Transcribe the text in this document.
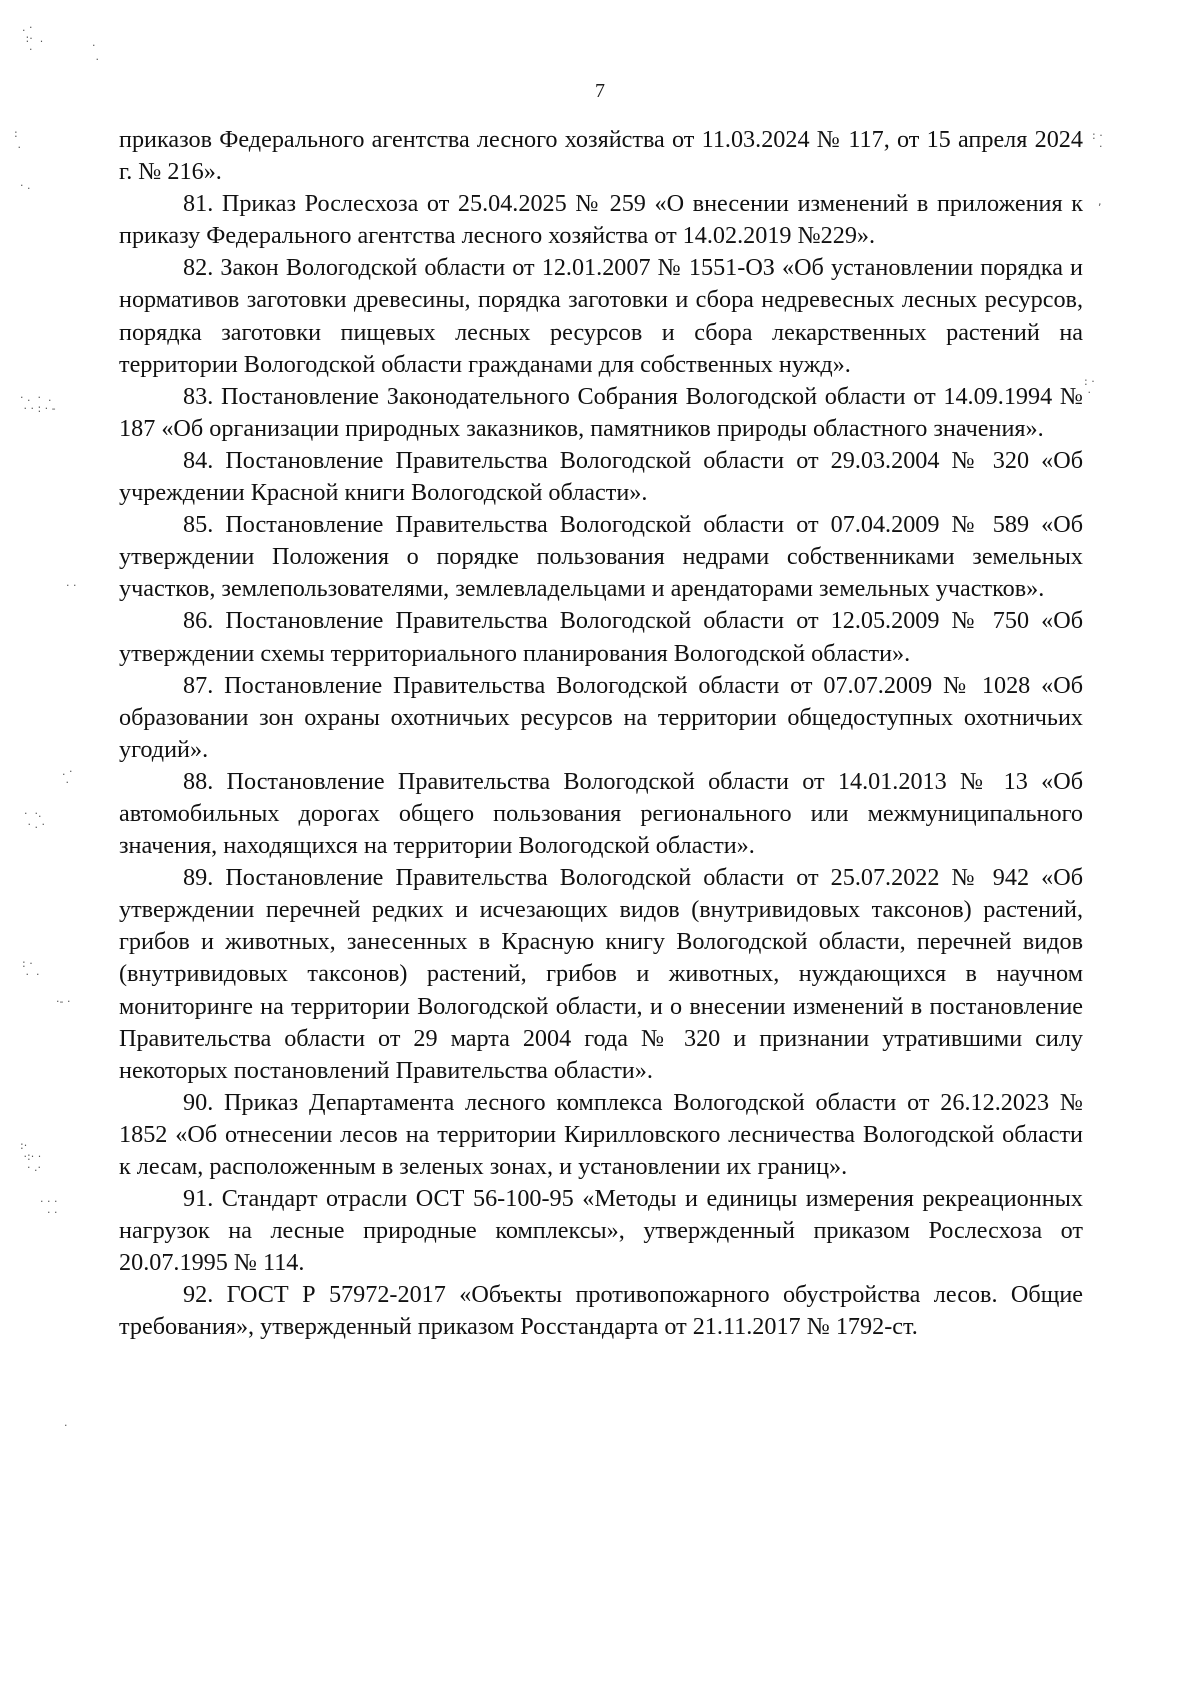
. ·
:·  .
·	·
.
:
.
· .
· .  ·  .
· · : · -
· ·
. ·
·
·  ·.
· . ·
: ·
·  ·
·- ·
:·
·:· ·
· .·
· · ·
· ·
·
: ·
·
,
: ·
·
7

приказов Федерального агентства лесного хозяйства от 11.03.2024 № 117, от 15 апреля 2024 г. № 216».

81. Приказ Рослесхоза от 25.04.2025 № 259 «О внесении изменений в приложения к приказу Федерального агентства лесного хозяйства от 14.02.2019 №229».

82. Закон Вологодской области от 12.01.2007 № 1551-ОЗ «Об установлении порядка и нормативов заготовки древесины, порядка заготовки и сбора недревесных лесных ресурсов, порядка заготовки пищевых лесных ресурсов и сбора лекарственных растений на территории Вологодской области гражданами для собственных нужд».

83. Постановление Законодательного Собрания Вологодской области от 14.09.1994 № 187 «Об организации природных заказников, памятников природы областного значения».

84. Постановление Правительства Вологодской области от 29.03.2004 № 320 «Об учреждении Красной книги Вологодской области».

85. Постановление Правительства Вологодской области от 07.04.2009 № 589 «Об утверждении Положения о порядке пользования недрами собственниками земельных участков, землепользователями, землевладельцами и арендаторами земельных участков».

86. Постановление Правительства Вологодской области от 12.05.2009 № 750 «Об утверждении схемы территориального планирования Вологодской области».

87. Постановление Правительства Вологодской области от 07.07.2009 № 1028 «Об образовании зон охраны охотничьих ресурсов на территории общедоступных охотничьих угодий».

88. Постановление Правительства Вологодской области от 14.01.2013 № 13 «Об автомобильных дорогах общего пользования регионального или межмуниципального значения, находящихся на территории Вологодской области».

89. Постановление Правительства Вологодской области от 25.07.2022 № 942 «Об утверждении перечней редких и исчезающих видов (внутривидовых таксонов) растений, грибов и животных, занесенных в Красную книгу Вологодской области, перечней видов (внутривидовых таксонов) растений, грибов и животных, нуждающихся в научном мониторинге на территории Вологодской области, и о внесении изменений в постановление Правительства области от 29 марта 2004 года № 320 и признании утратившими силу некоторых постановлений Правительства области».

90. Приказ Департамента лесного комплекса Вологодской области от 26.12.2023 № 1852 «Об отнесении лесов на территории Кирилловского лесничества Вологодской области к лесам, расположенным в зеленых зонах, и установлении их границ».

91. Стандарт отрасли ОСТ 56-100-95 «Методы и единицы измерения рекреационных нагрузок на лесные природные комплексы», утвержденный приказом Рослесхоза от 20.07.1995 № 114.

92. ГОСТ Р 57972-2017 «Объекты противопожарного обустройства лесов. Общие требования», утвержденный приказом Росстандарта от 21.11.2017 № 1792-ст.
